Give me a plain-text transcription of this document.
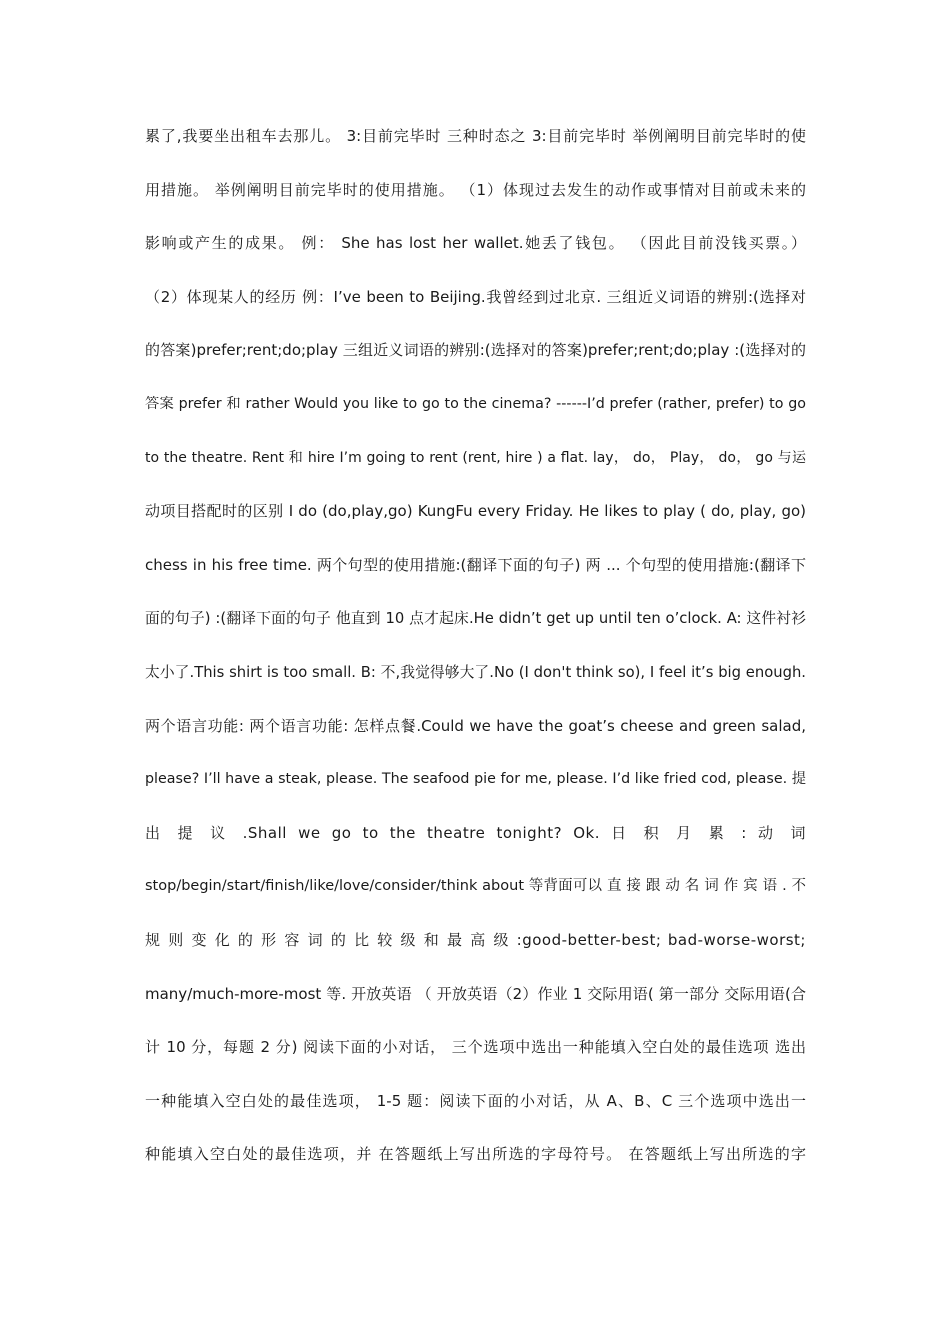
累了,我要坐出租车去那儿。 3:目前完毕时 三种时态之 3:目前完毕时 举例阐明目前完毕时的使
用措施。 举例阐明目前完毕时的使用措施。 （1）体现过去发生的动作或事情对目前或未来的
影响或产生的成果。 例： She has lost her wallet.她丢了钱包。 （因此目前没钱买票。）
（2）体现某人的经历 例：I’ve been to Beijing.我曾经到过北京. 三组近义词语的辨别:(选择对
的答案)prefer;rent;do;play 三组近义词语的辨别:(选择对的答案)prefer;rent;do;play :(选择对的
答案 prefer 和 rather Would you like to go to the cinema? ------I’d prefer (rather, prefer) to go
to the theatre. Rent 和 hire I’m going to rent (rent, hire ) a flat. lay， do， Play， do， go 与运
动项目搭配时的区别 I do (do,play,go) KungFu every Friday. He likes to play ( do, play, go)
chess in his free time. 两个句型的使用措施:(翻译下面的句子) 两 ... 个句型的使用措施:(翻译下
面的句子) :(翻译下面的句子 他直到 10 点才起床.He didn’t get up until ten o’clock. A: 这件衬衫
太小了.This shirt is too small. B: 不,我觉得够大了.No (I don't think so), I feel it’s big enough.
两个语言功能: 两个语言功能: 怎样点餐.Could we have the goat’s cheese and green salad,
please? I’ll have a steak, please. The seafood pie for me, please. I’d like fried cod, please. 提
出 提 议 .Shall we go to the theatre tonight? Ok. 日 积 月 累 : 动 词
stop/begin/start/finish/like/love/consider/think about 等背面可以 直 接 跟 动 名 词 作 宾 语 . 不
规 则 变 化 的 形 容 词 的 比 较 级 和 最 高 级 :good-better-best; bad-worse-worst;
many/much-more-most 等. 开放英语 （ 开放英语（2）作业 1 交际用语( 第一部分 交际用语(合
计 10 分，每题 2 分) 阅读下面的小对话， 三个选项中选出一种能填入空白处的最佳选项 选出
一种能填入空白处的最佳选项， 1-5 题：阅读下面的小对话，从 A、B、C 三个选项中选出一
种能填入空白处的最佳选项，并 在答题纸上写出所选的字母符号。 在答题纸上写出所选的字
